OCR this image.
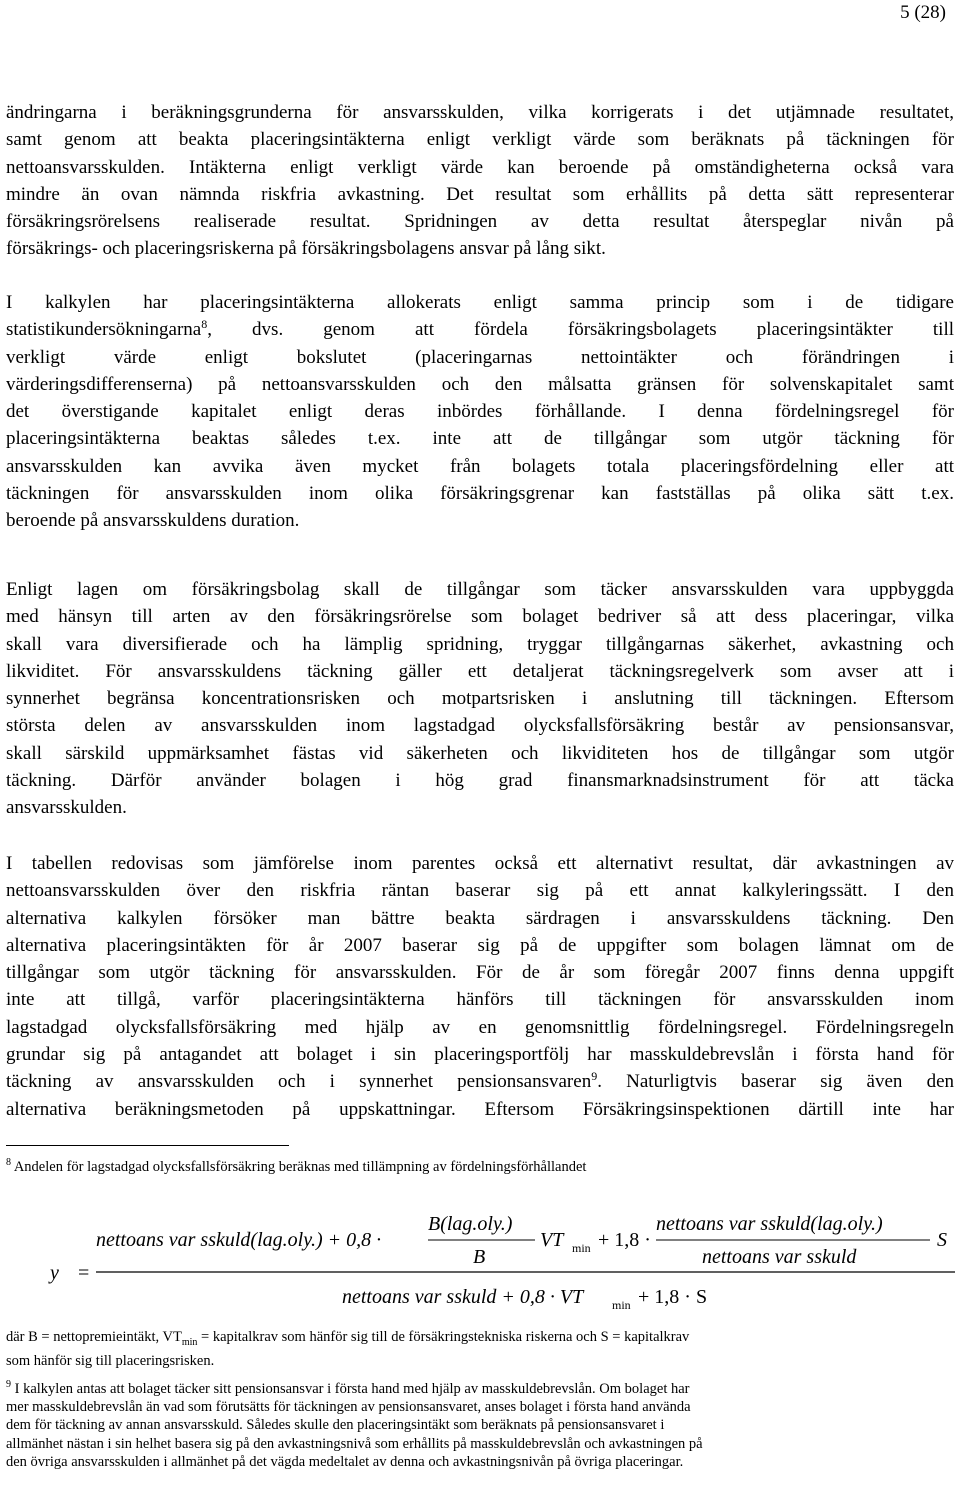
5 (28)
ändringarna i beräkningsgrunderna för ansvarsskulden, vilka korrigerats i det utjämnade resultatet,
samt genom att beakta placeringsintäkterna enligt verkligt värde som beräknats på täckningen för
nettoansvarsskulden. Intäkterna enligt verkligt värde kan beroende på omständigheterna också vara
mindre än ovan nämnda riskfria avkastning. Det resultat som erhållits på detta sätt representerar
försäkringsrörelsens realiserade resultat. Spridningen av detta resultat återspeglar nivån på
försäkrings- och placeringsriskerna på försäkringsbolagens ansvar på lång sikt.
I kalkylen har placeringsintäkterna allokerats enligt samma princip som i de tidigare
statistikundersökningarna$^8$, dvs. genom att fördela försäkringsbolagets placeringsintäkter till
verkligt värde enligt bokslutet (placeringarnas nettointäkter och förändringen i
värderingsdifferenserna) på nettoansvarsskulden och den målsatta gränsen för solvenskapitalet samt
det överstigande kapitalet enligt deras inbördes förhållande. I denna fördelningsregel för
placeringsintäkterna beaktas således t.ex. inte att de tillgångar som utgör täckning för
ansvarsskulden kan avvika även mycket från bolagets totala placeringsfördelning eller att
täckningen för ansvarsskulden inom olika försäkringsgrenar kan fastställas på olika sätt t.ex.
beroende på ansvarsskuldens duration.
Enligt lagen om försäkringsbolag skall de tillgångar som täcker ansvarsskulden vara uppbyggda
med hänsyn till arten av den försäkringsrörelse som bolaget bedriver så att dess placeringar, vilka
skall vara diversifierade och ha lämplig spridning, tryggar tillgångarnas säkerhet, avkastning och
likviditet. För ansvarsskuldens täckning gäller ett detaljerat täckningsregelverk som avser att i
synnerhet begränsa koncentrationsrisken och motpartsrisken i anslutning till täckningen. Eftersom
största delen av ansvarsskulden inom lagstadgad olycksfallsförsäkring består av pensionsansvar,
skall särskild uppmärksamhet fästas vid säkerheten och likviditeten hos de tillgångar som utgör
täckning. Därför använder bolagen i hög grad finansmarknadsinstrument för att täcka
ansvarsskulden.
I tabellen redovisas som jämförelse inom parentes också ett alternativt resultat, där avkastningen av
nettoansvarsskulden över den riskfria räntan baserar sig på ett annat kalkyleringssätt. I den
alternativa kalkylen försöker man bättre beakta särdragen i ansvarsskuldens täckning. Den
alternativa placeringsintäkten för år 2007 baserar sig på de uppgifter som bolagen lämnat om de
tillgångar som utgör täckning för ansvarsskulden. För de år som föregår 2007 finns denna uppgift
inte att tillgå, varför placeringsintäkterna hänförs till täckningen för ansvarsskulden inom
lagstadgad olycksfallsförsäkring med hjälp av en genomsnittlig fördelningsregel. Fördelningsregeln
grundar sig på antagandet att bolaget i sin placeringsportfölj har masskuldebrevslån i första hand för
täckning av ansvarsskulden och i synnerhet pensionsansvaren$^9$. Naturligtvis baserar sig även den
alternativa beräkningsmetoden på uppskattningar. Eftersom Försäkringsinspektionen därtill inte har

$^8$ Andelen för lagstadgad olycksfallsförsäkring beräknas med tillämpning av fördelningsförhållandet

y =
nettoans var sskuld(lag.oly.) + 0,8 ·
B(lag.oly.)
B
VT min + 1,8 ·
nettoans var sskuld(lag.oly.)
nettoans var sskuld
S
nettoans var sskuld + 0,8 · VT min + 1,8 · S

där B = nettopremieintäkt, $VT_{min}$ = kapitalkrav som hänför sig till de försäkringstekniska riskerna och S = kapitalkrav
som hänför sig till placeringsrisken.

$^9$ I kalkylen antas att bolaget täcker sitt pensionsansvar i första hand med hjälp av masskuldebrevslån. Om bolaget har
mer masskuldebrevslån än vad som förutsätts för täckningen av pensionsansvaret, anses bolaget i första hand använda
dem för täckning av annan ansvarsskuld. Således skulle den placeringsintäkt som beräknats på pensionsansvaret i
allmänhet nästan i sin helhet basera sig på den avkastningsnivå som erhållits på masskuldebrevslån och avkastningen på
den övriga ansvarsskulden i allmänhet på det vägda medeltalet av denna och avkastningsnivån på övriga placeringar.
